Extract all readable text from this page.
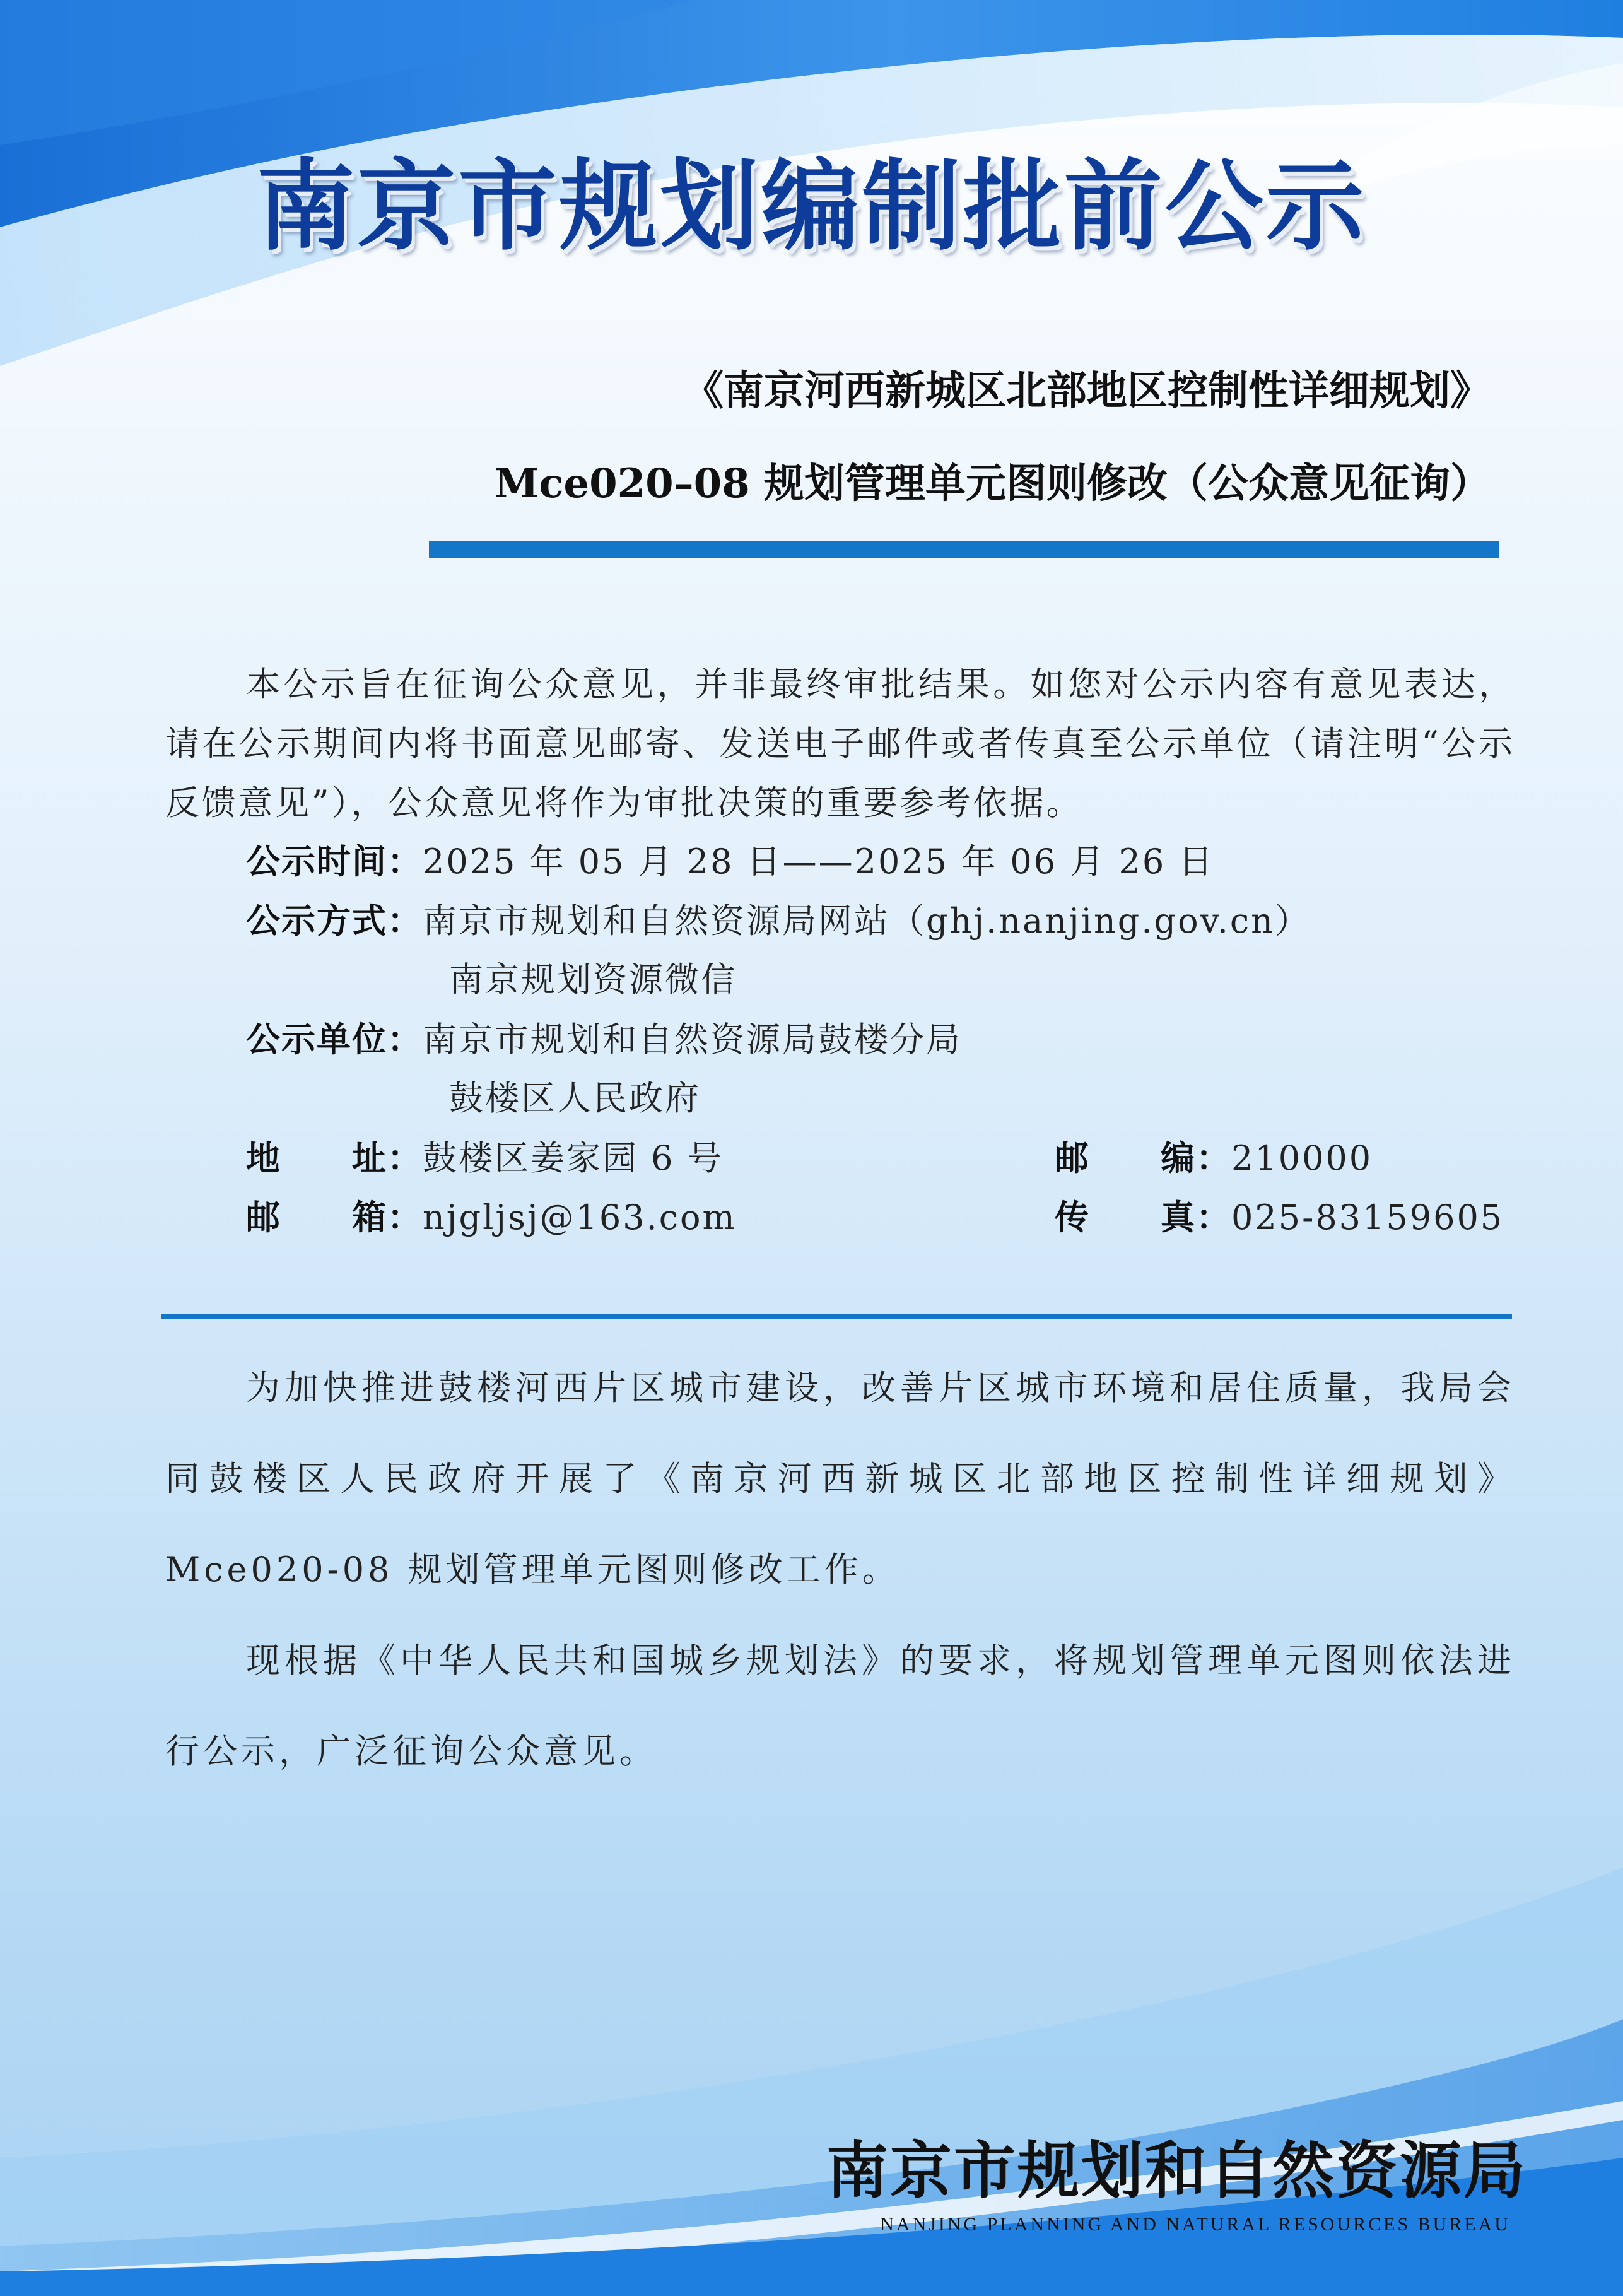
南京市规划编制批前公示
《南京河西新城区北部地区控制性详细规划》
Mce020–08 规划管理单元图则修改（公众意见征询）
本公示旨在征询公众意见，并非最终审批结果。如您对公示内容有意见表达，请在公示期间内将书面意见邮寄、发送电子邮件或者传真至公示单位（请注明“公示反馈意见”），公众意见将作为审批决策的重要参考依据。
公示时间：2025 年 05 月 28 日——2025 年 06 月 26 日
公示方式：南京市规划和自然资源局网站（ghj.nanjing.gov.cn）
南京规划资源微信
公示单位：南京市规划和自然资源局鼓楼分局
鼓楼区人民政府
地　　址：鼓楼区姜家园 6 号	邮　　编：210000
邮　　箱：njgljsj@163.com	传　　真：025-83159605
为加快推进鼓楼河西片区城市建设，改善片区城市环境和居住质量，我局会同鼓楼区人民政府开展了《南京河西新城区北部地区控制性详细规划》Mce020-08 规划管理单元图则修改工作。
现根据《中华人民共和国城乡规划法》的要求，将规划管理单元图则依法进行公示，广泛征询公众意见。
南京市规划和自然资源局
NANJING PLANNING AND NATURAL RESOURCES BUREAU
